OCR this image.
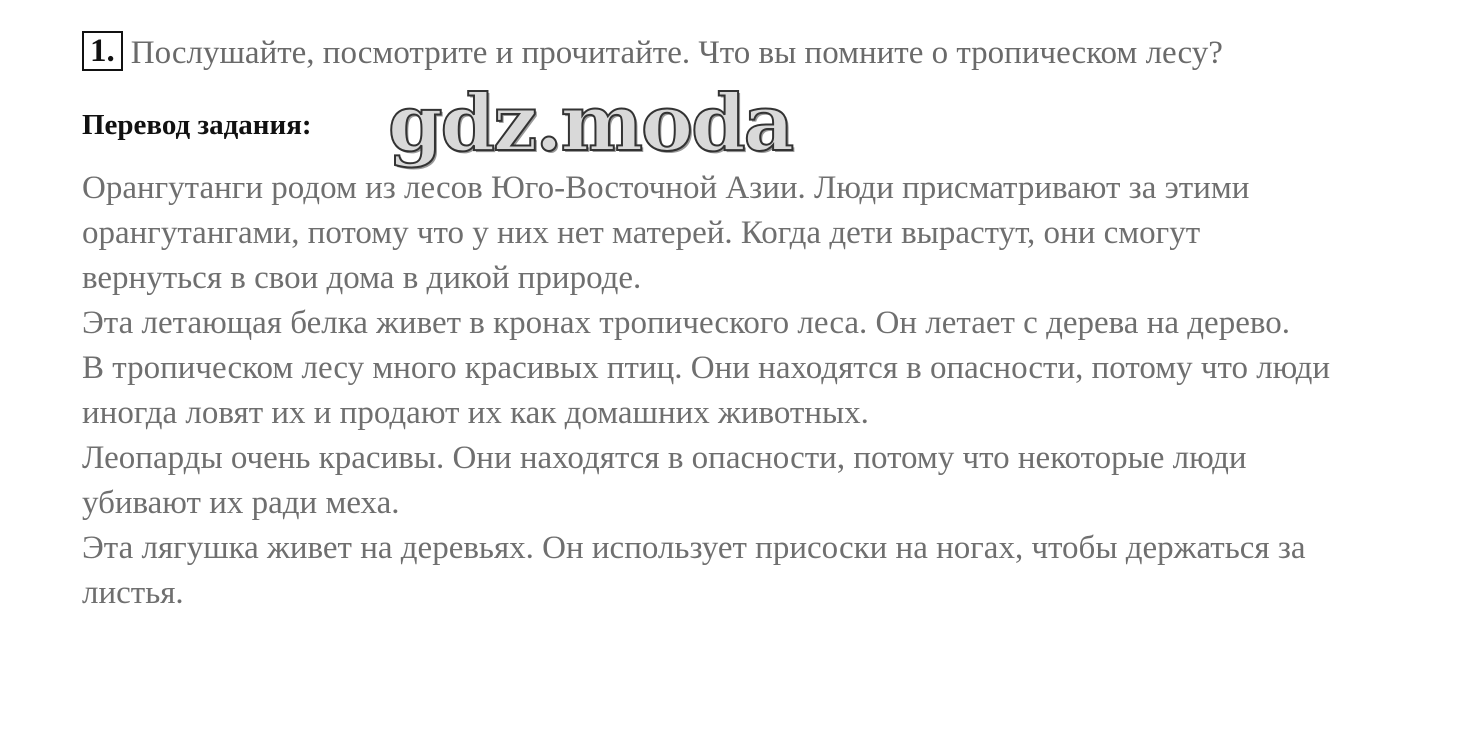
1. Послушайте, посмотрите и прочитайте. Что вы помните о тропическом лесу?
Перевод задания: gdz.moda

Орангутанги родом из лесов Юго-Восточной Азии. Люди присматривают за этими орангутангами, потому что у них нет матерей. Когда дети вырастут, они смогут вернуться в свои дома в дикой природе.

Эта летающая белка живет в кронах тропического леса. Он летает с дерева на дерево.

В тропическом лесу много красивых птиц. Они находятся в опасности, потому что люди иногда ловят их и продают их как домашних животных.

Леопарды очень красивы. Они находятся в опасности, потому что некоторые люди убивают их ради меха.

Эта лягушка живет на деревьях. Он использует присоски на ногах, чтобы держаться за листья.
